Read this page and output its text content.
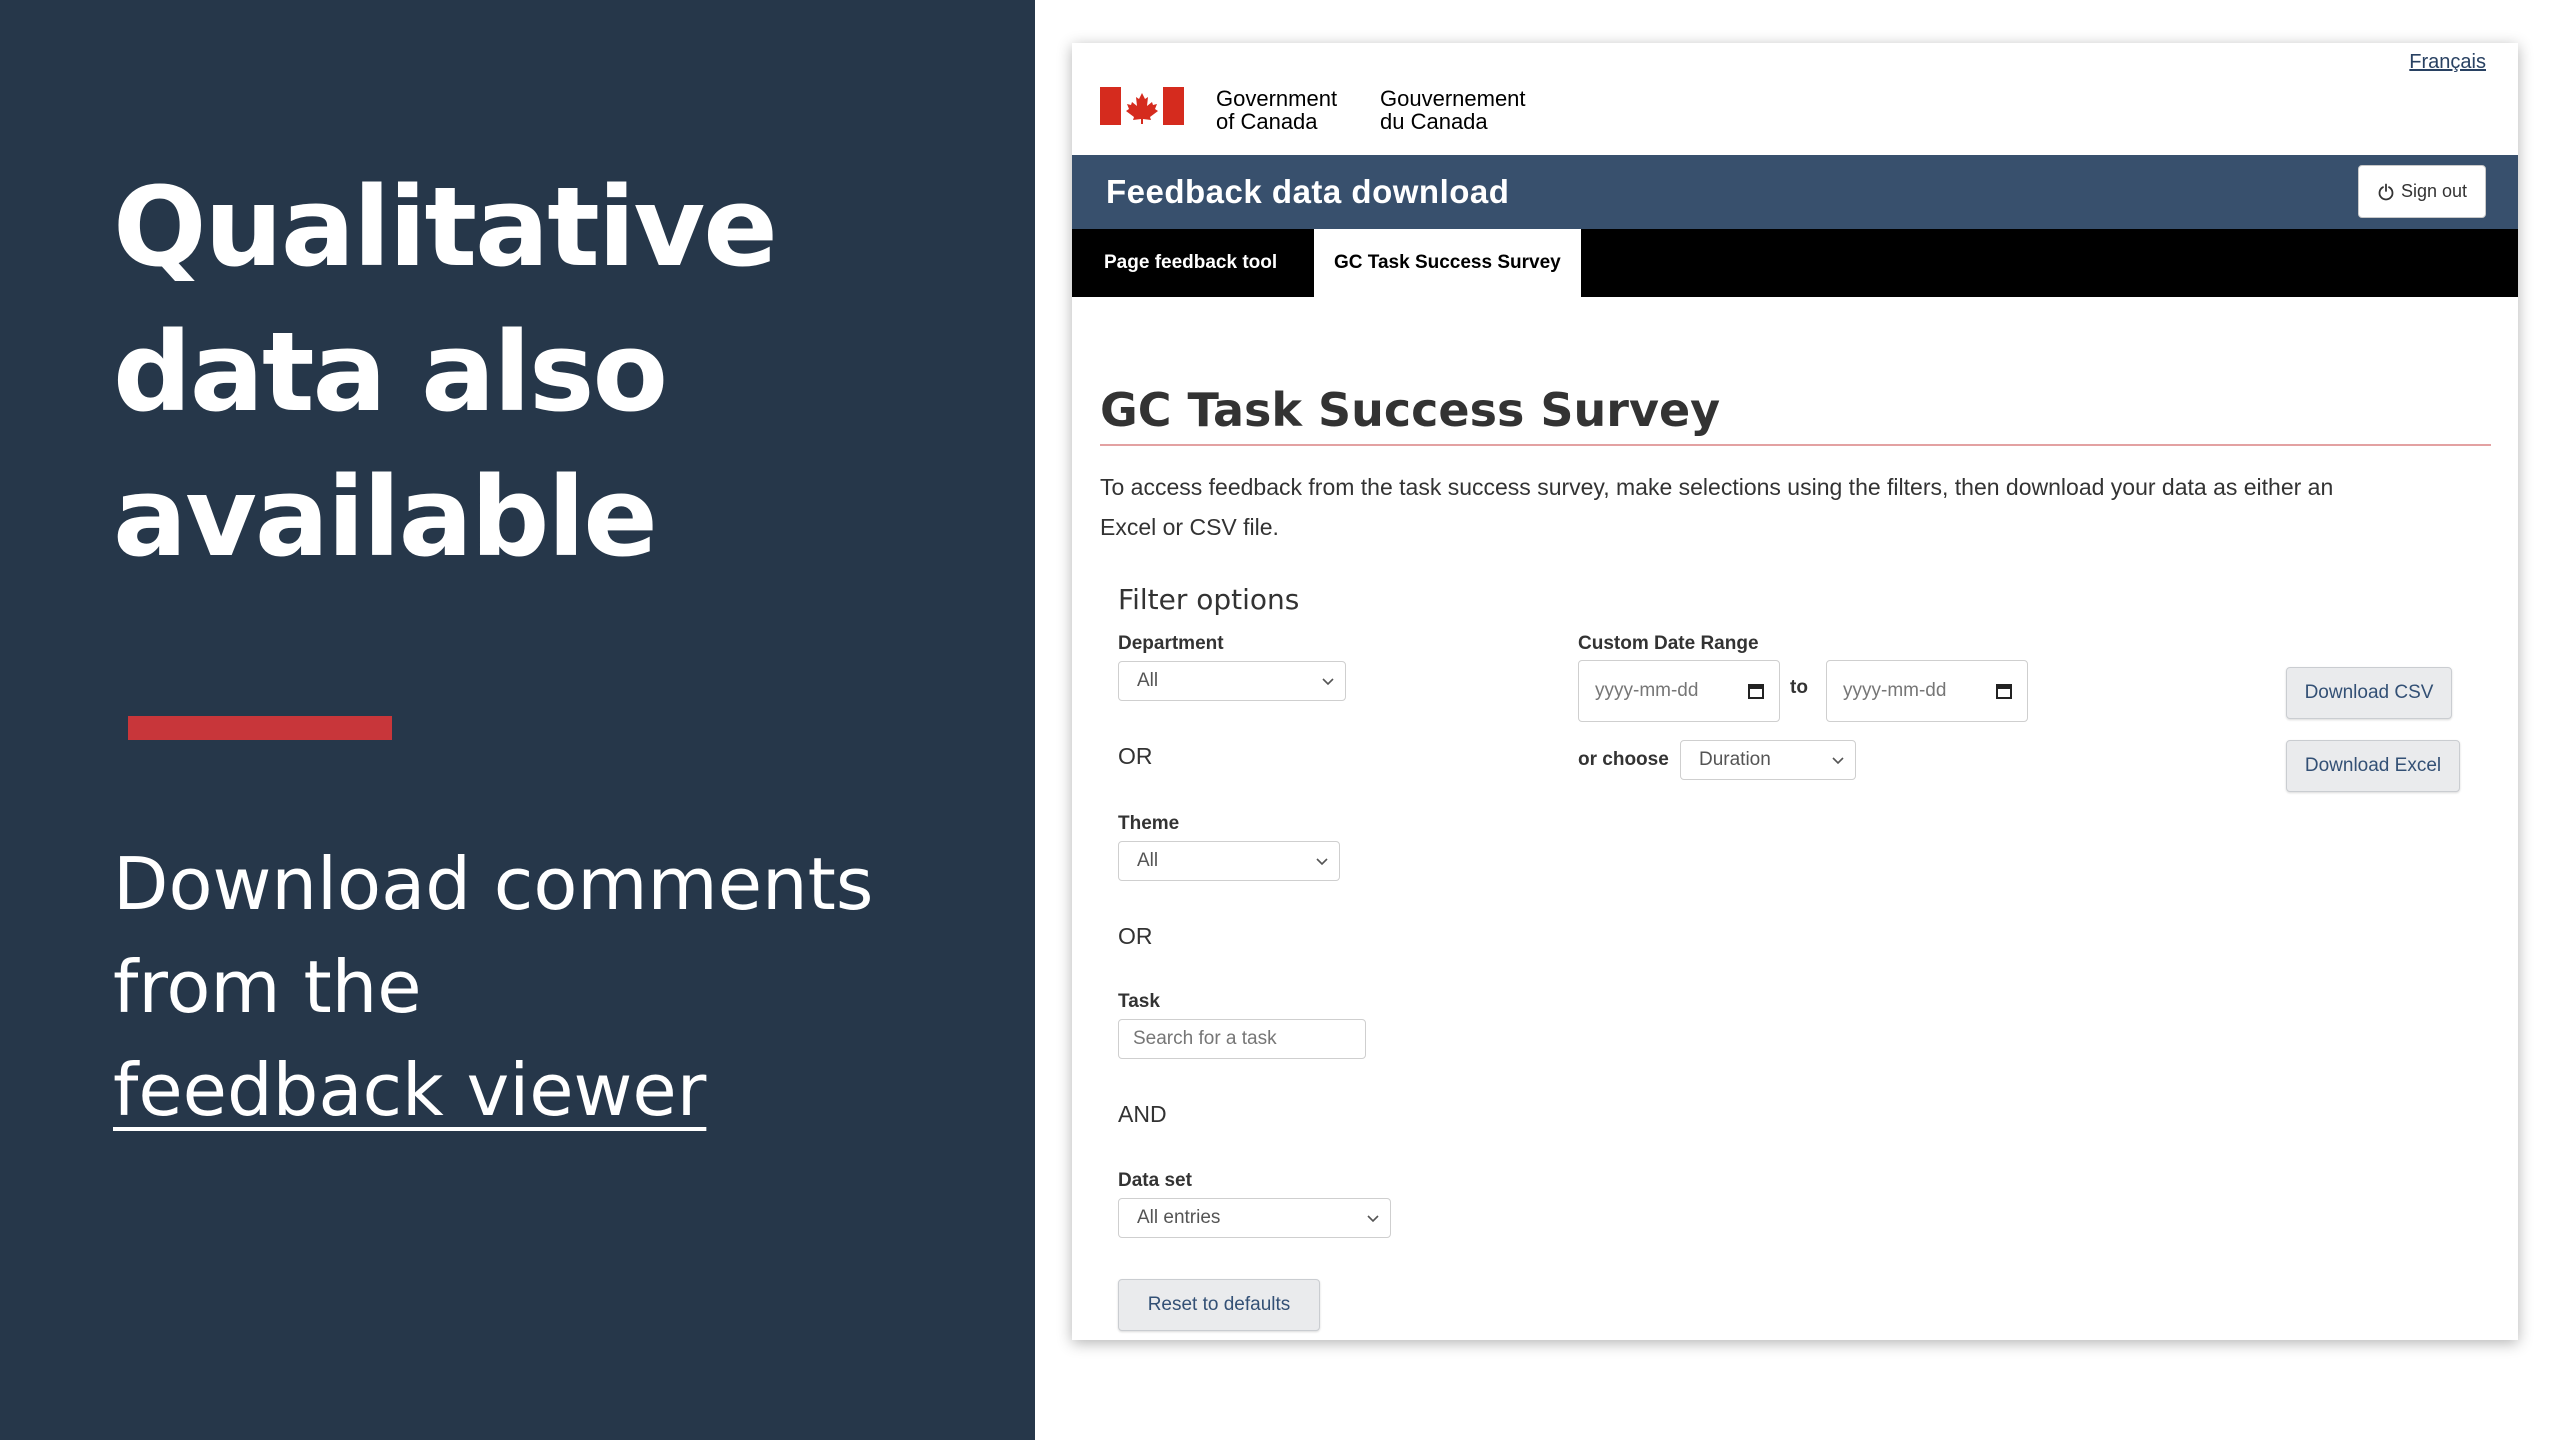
Qualitative
data also
available
Download comments
from the
feedback viewer
Government
of Canada
Gouvernement
du Canada
Français
Feedback data download	Sign out
Page feedback tool	GC Task Success Survey
GC Task Success Survey
To access feedback from the task success survey, make selections using the filters, then download your data as either an
Excel or CSV file.
Filter options
Department
All
OR
Theme
All
OR
Task
Search for a task
AND
Data set
All entries
Reset to defaults
Custom Date Range
yyyy-mm-dd	to yyyy-mm-dd
or choose Duration
Download CSV
Download Excel
